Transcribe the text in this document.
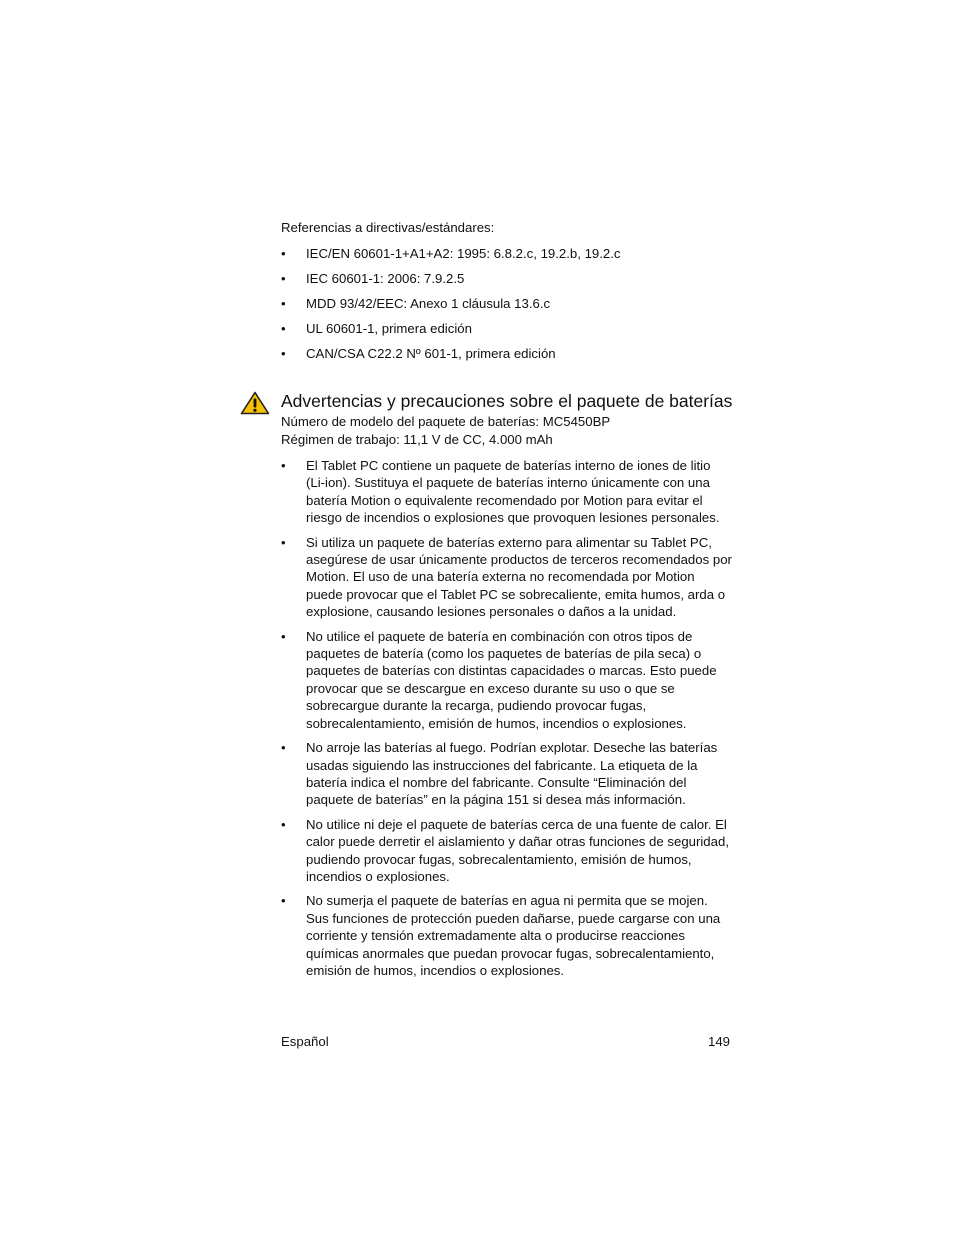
Referencias a directivas/estándares:

• IEC/EN 60601-1+A1+A2: 1995: 6.8.2.c, 19.2.b, 19.2.c
• IEC 60601-1: 2006: 7.9.2.5
• MDD 93/42/EEC: Anexo 1 cláusula 13.6.c
• UL 60601-1, primera edición
• CAN/CSA C22.2 Nº 601-1, primera edición
Advertencias y precauciones sobre el paquete de baterías
Número de modelo del paquete de baterías: MC5450BP
Régimen de trabajo: 11,1 V de CC, 4.000 mAh
• El Tablet PC contiene un paquete de baterías interno de iones de litio (Li-ion). Sustituya el paquete de baterías interno únicamente con una batería Motion o equivalente recomendado por Motion para evitar el riesgo de incendios o explosiones que provoquen lesiones personales.
• Si utiliza un paquete de baterías externo para alimentar su Tablet PC, asegúrese de usar únicamente productos de terceros recomendados por Motion. El uso de una batería externa no recomendada por Motion puede provocar que el Tablet PC se sobrecaliente, emita humos, arda o explosione, causando lesiones personales o daños a la unidad.
• No utilice el paquete de batería en combinación con otros tipos de paquetes de batería (como los paquetes de baterías de pila seca) o paquetes de baterías con distintas capacidades o marcas. Esto puede provocar que se descargue en exceso durante su uso o que se sobrecargue durante la recarga, pudiendo provocar fugas, sobrecalentamiento, emisión de humos, incendios o explosiones.
• No arroje las baterías al fuego. Podrían explotar. Deseche las baterías usadas siguiendo las instrucciones del fabricante. La etiqueta de la batería indica el nombre del fabricante. Consulte “Eliminación del paquete de baterías” en la página 151 si desea más información.
• No utilice ni deje el paquete de baterías cerca de una fuente de calor. El calor puede derretir el aislamiento y dañar otras funciones de seguridad, pudiendo provocar fugas, sobrecalentamiento, emisión de humos, incendios o explosiones.
• No sumerja el paquete de baterías en agua ni permita que se mojen. Sus funciones de protección pueden dañarse, puede cargarse con una corriente y tensión extremadamente alta o producirse reacciones químicas anormales que puedan provocar fugas, sobrecalentamiento, emisión de humos, incendios o explosiones.
Español	149
